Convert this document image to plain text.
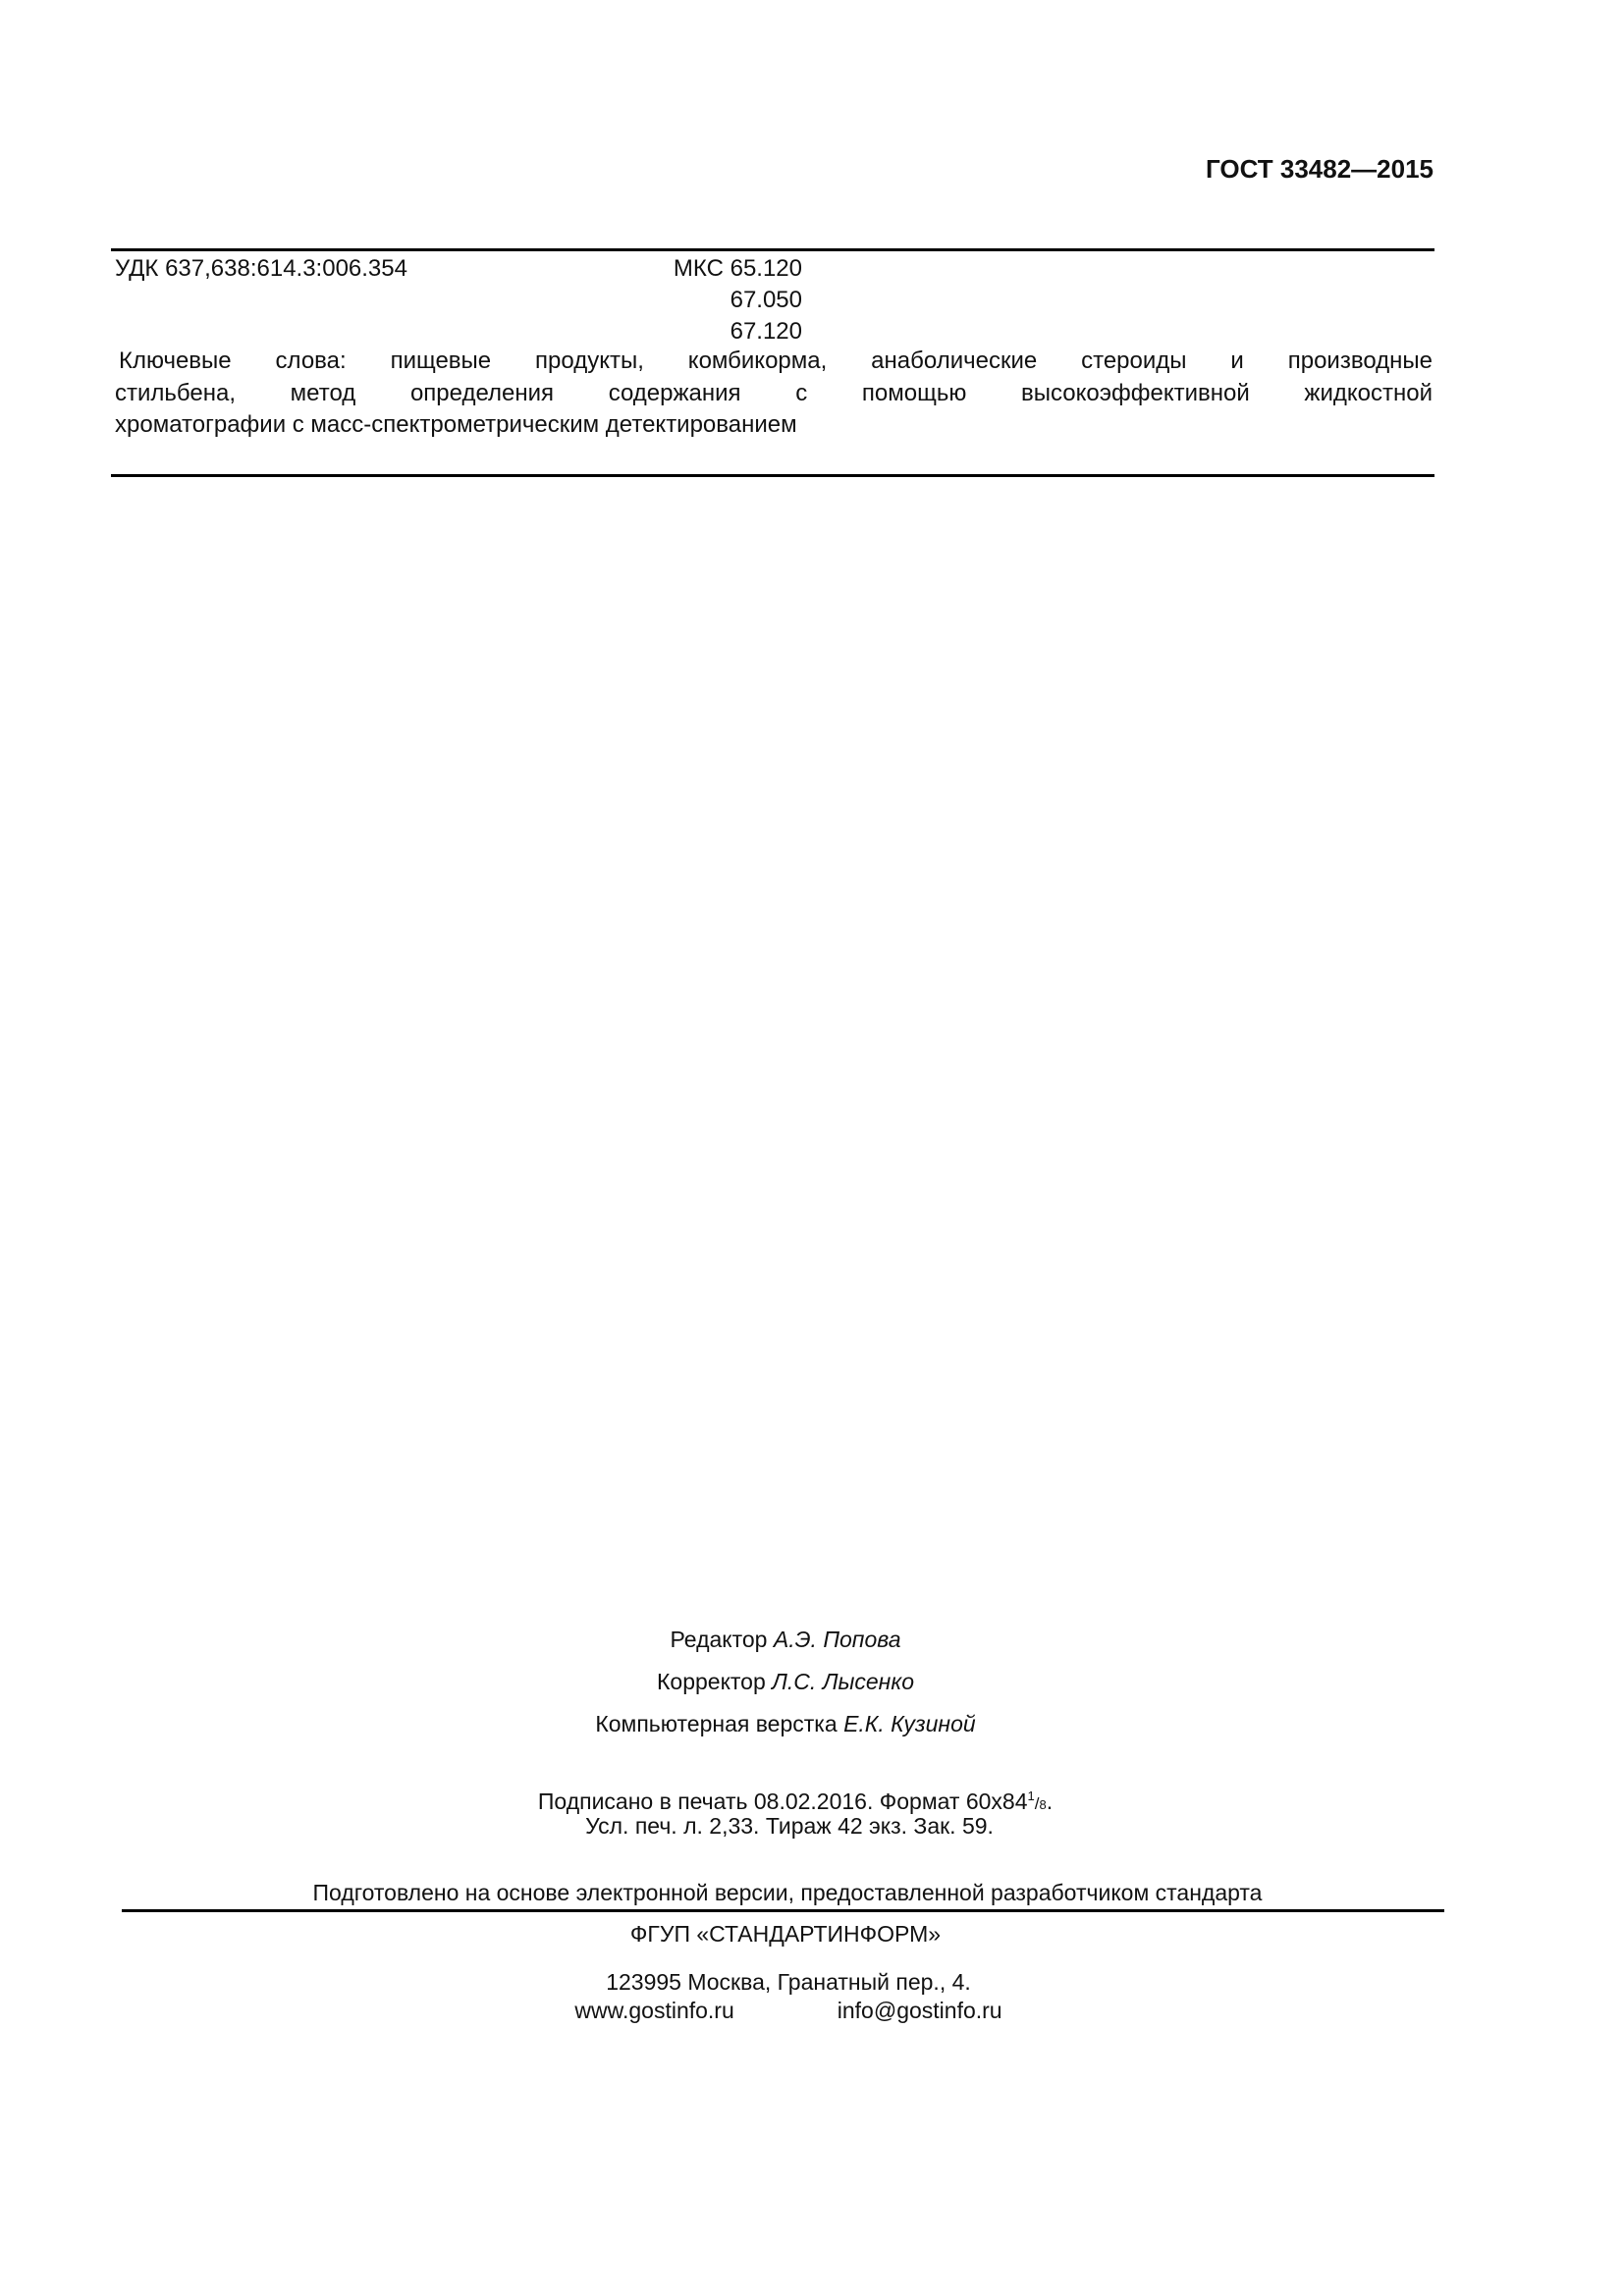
ГОСТ 33482—2015
УДК 637,638:614.3:006.354	МКС 65.120
67.050
67.120
Ключевые слова: пищевые продукты, комбикорма, анаболические стероиды и производные
стильбена, метод определения содержания с помощью высокоэффективной жидкостной
хроматографии с масс-спектрометрическим детектированием
Редактор А.Э. Попова
Корректор Л.С. Лысенко
Компьютерная верстка Е.К. Кузиной
Подписано в печать 08.02.2016. Формат $60x84^1/8$.
Усл. печ. л. 2,33. Тираж 42 экз. Зак. 59.
Подготовлено на основе электронной версии, предоставленной разработчиком стандарта
ФГУП «СТАНДАРТИНФОРМ»
123995 Москва, Гранатный пер., 4.
www.gostinfo.ru	info@gostinfo.ru
